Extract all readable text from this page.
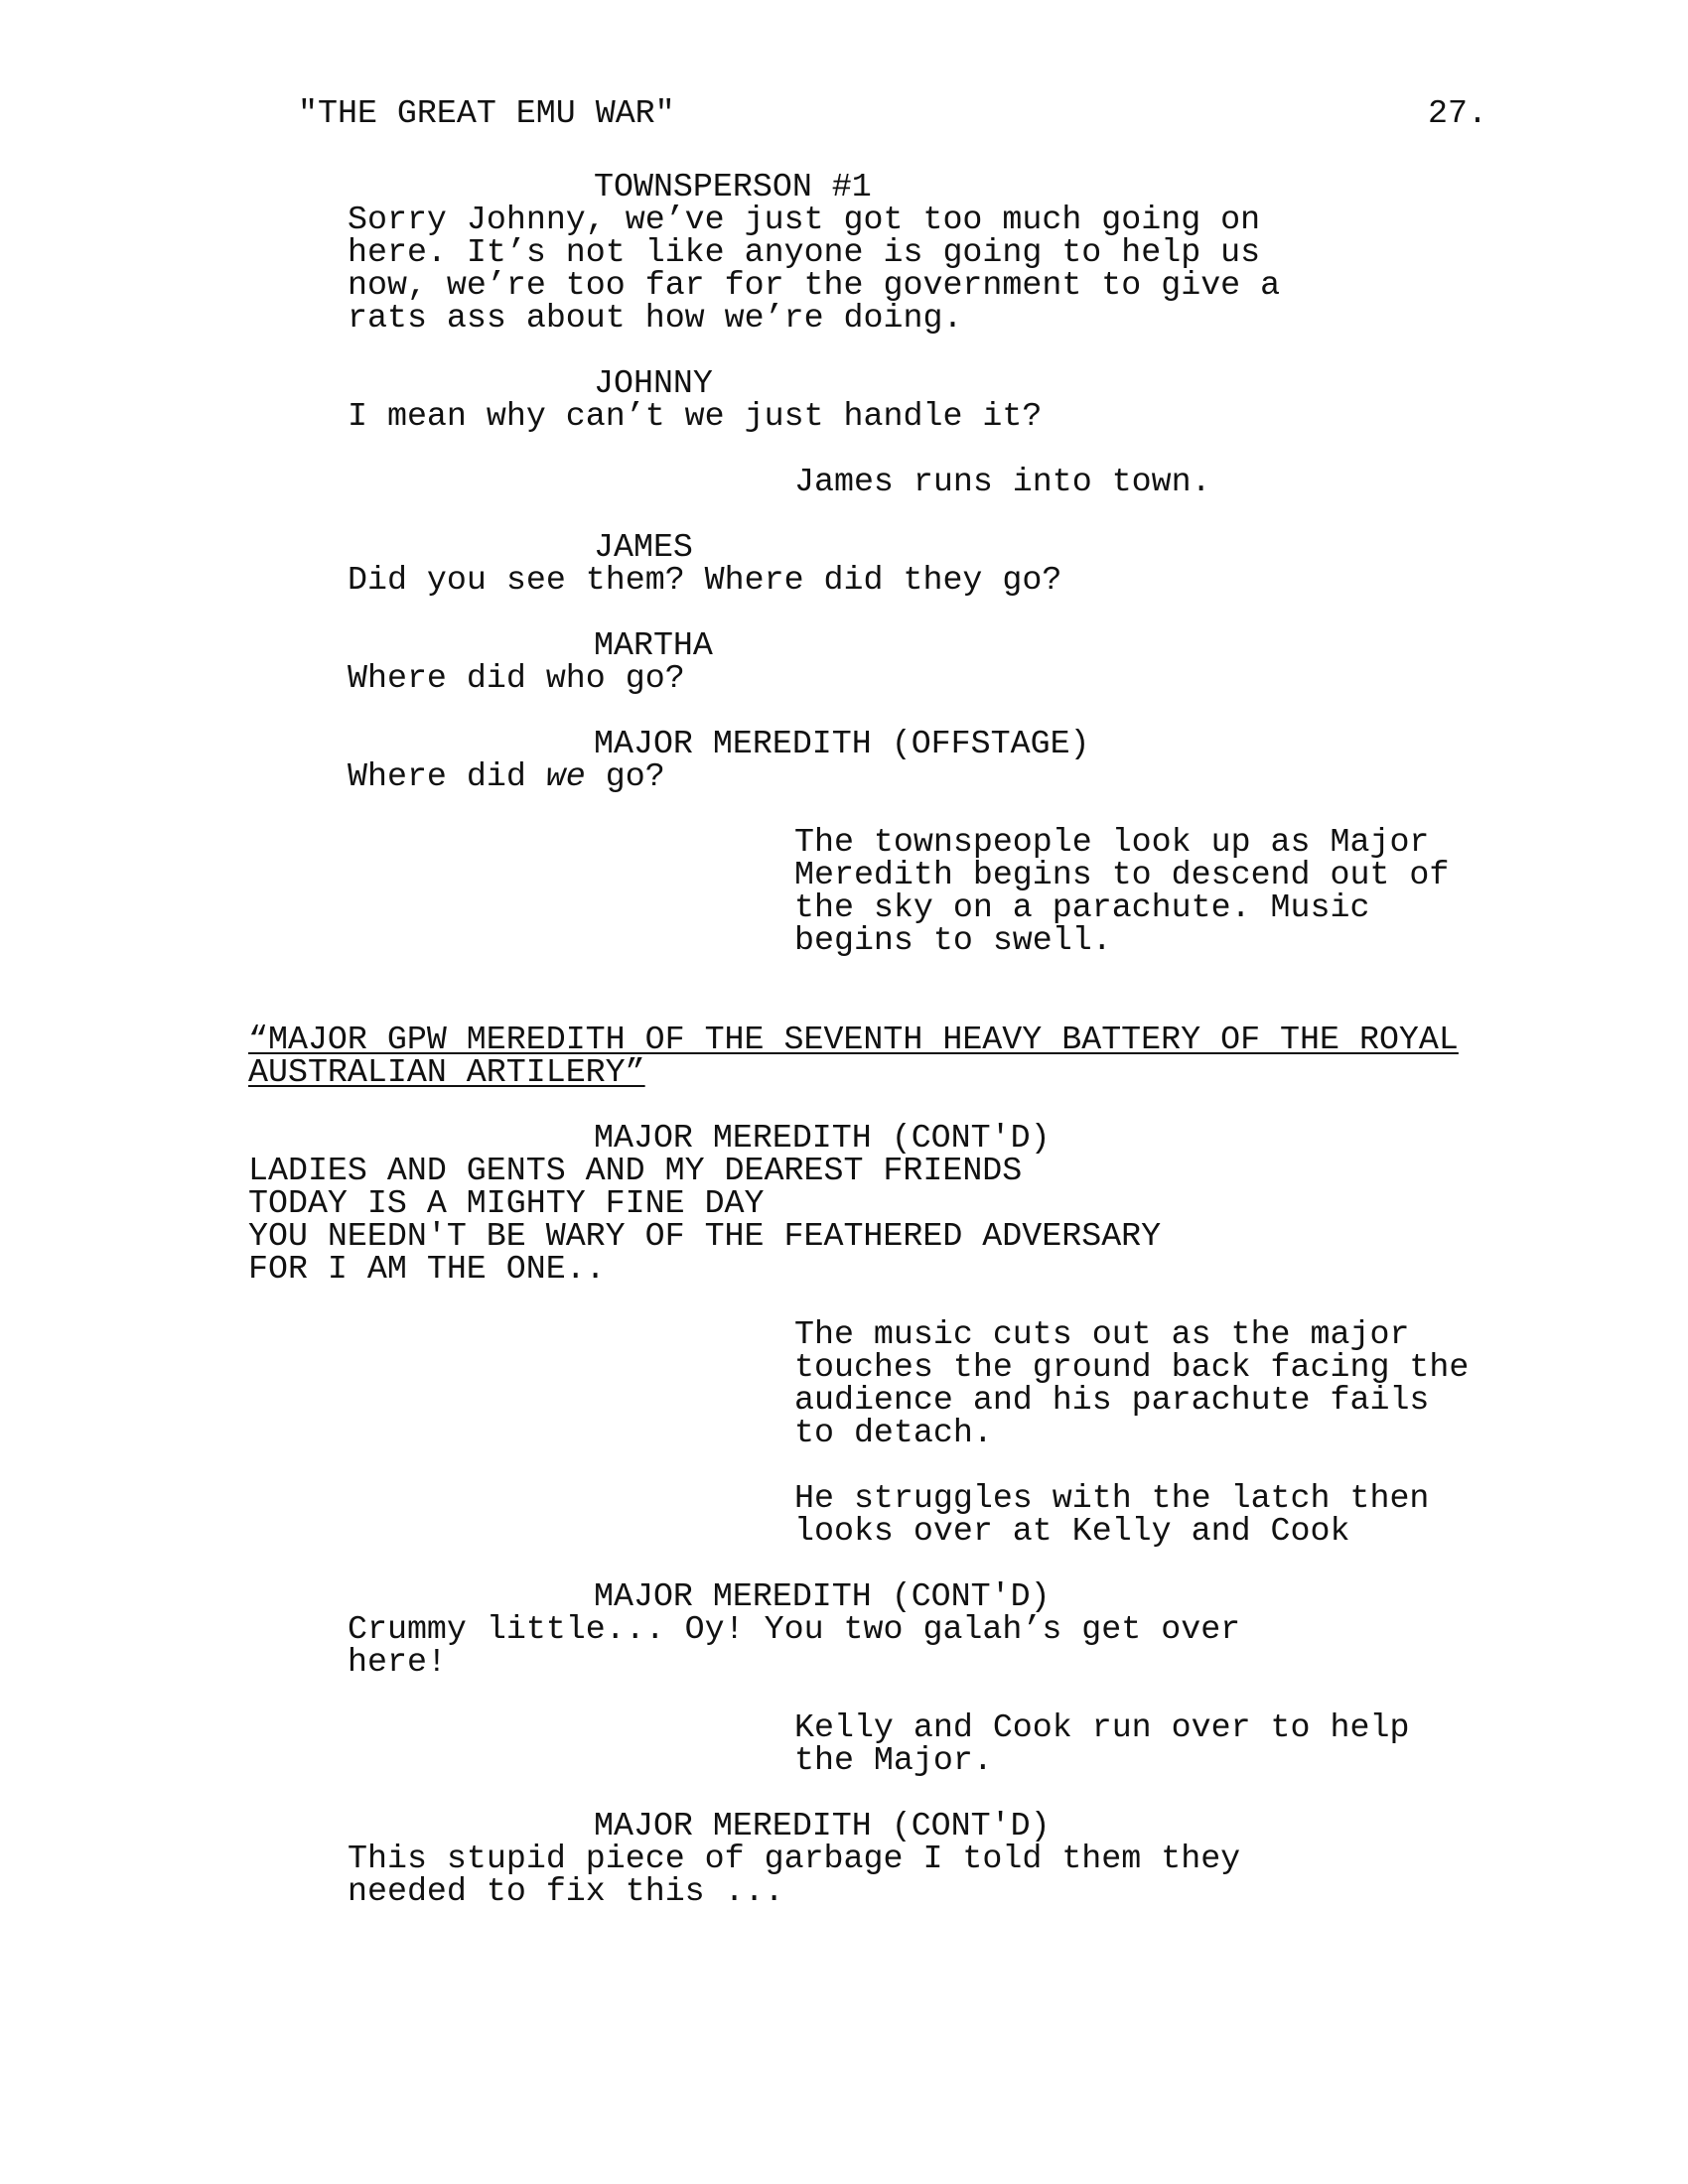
"THE GREAT EMU WAR"	27.
TOWNSPERSON #1
Sorry Johnny, we’ve just got too much going on
here. It’s not like anyone is going to help us
now, we’re too far for the government to give a
rats ass about how we’re doing.
JOHNNY
I mean why can’t we just handle it?
James runs into town.
JAMES
Did you see them? Where did they go?
MARTHA
Where did who go?
MAJOR MEREDITH (OFFSTAGE)
Where did we go?
The townspeople look up as Major
Meredith begins to descend out of
the sky on a parachute. Music
begins to swell.
“MAJOR GPW MEREDITH OF THE SEVENTH HEAVY BATTERY OF THE ROYAL
AUSTRALIAN ARTILERY”
MAJOR MEREDITH (CONT'D)
LADIES AND GENTS AND MY DEAREST FRIENDS
TODAY IS A MIGHTY FINE DAY
YOU NEEDN'T BE WARY OF THE FEATHERED ADVERSARY
FOR I AM THE ONE..
The music cuts out as the major
touches the ground back facing the
audience and his parachute fails
to detach.
He struggles with the latch then
looks over at Kelly and Cook
MAJOR MEREDITH (CONT'D)
Crummy little... Oy! You two galah’s get over
here!
Kelly and Cook run over to help
the Major.
MAJOR MEREDITH (CONT'D)
This stupid piece of garbage I told them they
needed to fix this ...
